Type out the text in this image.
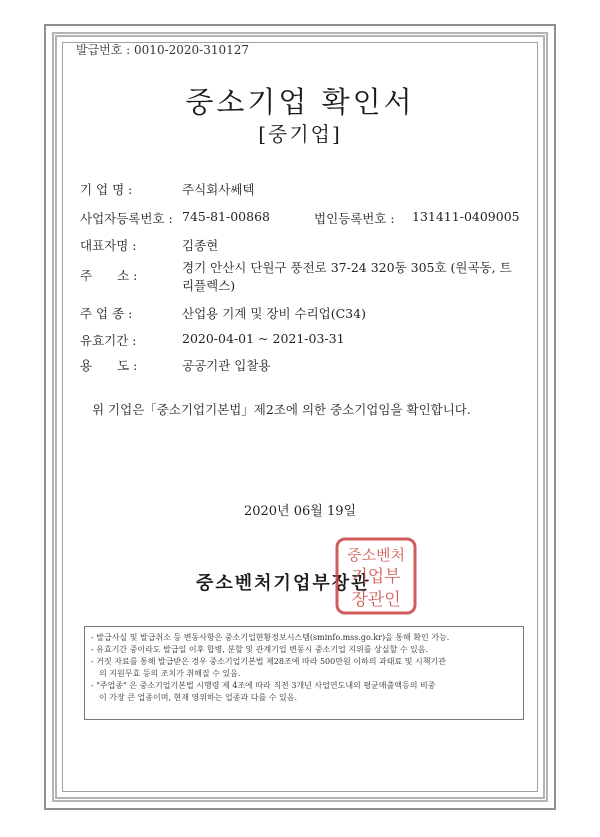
발급번호 : 0010-2020-310127
중소기업 확인서
[중기업]
기 업 명 :	주식회사쎄텍
사업자등록번호 : 745-81-00868	법인등록번호 : 131411-0409005
대표자명 :	김종현
주　　소 :
경기 안산시 단원구 풍전로 37-24 320동 305호 (원곡동, 트
리플렉스)
주 업 종 :	산업용 기계 및 장비 수리업(C34)
유효기간 :	2020-04-01 ~ 2021-03-31
용　　도 :	공공기관 입찰용
위 기업은「중소기업기본법」제2조에 의한 중소기업임을 확인합니다.
2020년 06월 19일
중소벤처기업부장관
중소벤처
기업부
장관인
- 발급사실 및 발급취소 등 변동사항은 중소기업현황정보시스템(sminfo.mss.go.kr)을 통해 확인 가능.
- 유효기간 중이라도 발급일 이후 합병, 분할 및 관계기업 변동시 중소기업 지위를 상실할 수 있음.
- 거짓 자료를 통해 발급받은 경우 중소기업기본법 제28조에 따라 500만원 이하의 과태료 및 시책기관
의 지원무효 등의 조치가 취해질 수 있음.
- "주업종" 은 중소기업기본법 시행령 제 4조에 따라 직전 3개년 사업연도내의 평균매출액등의 비중
이 가장 큰 업종이며, 현재 영위하는 업종과 다를 수 있음.
